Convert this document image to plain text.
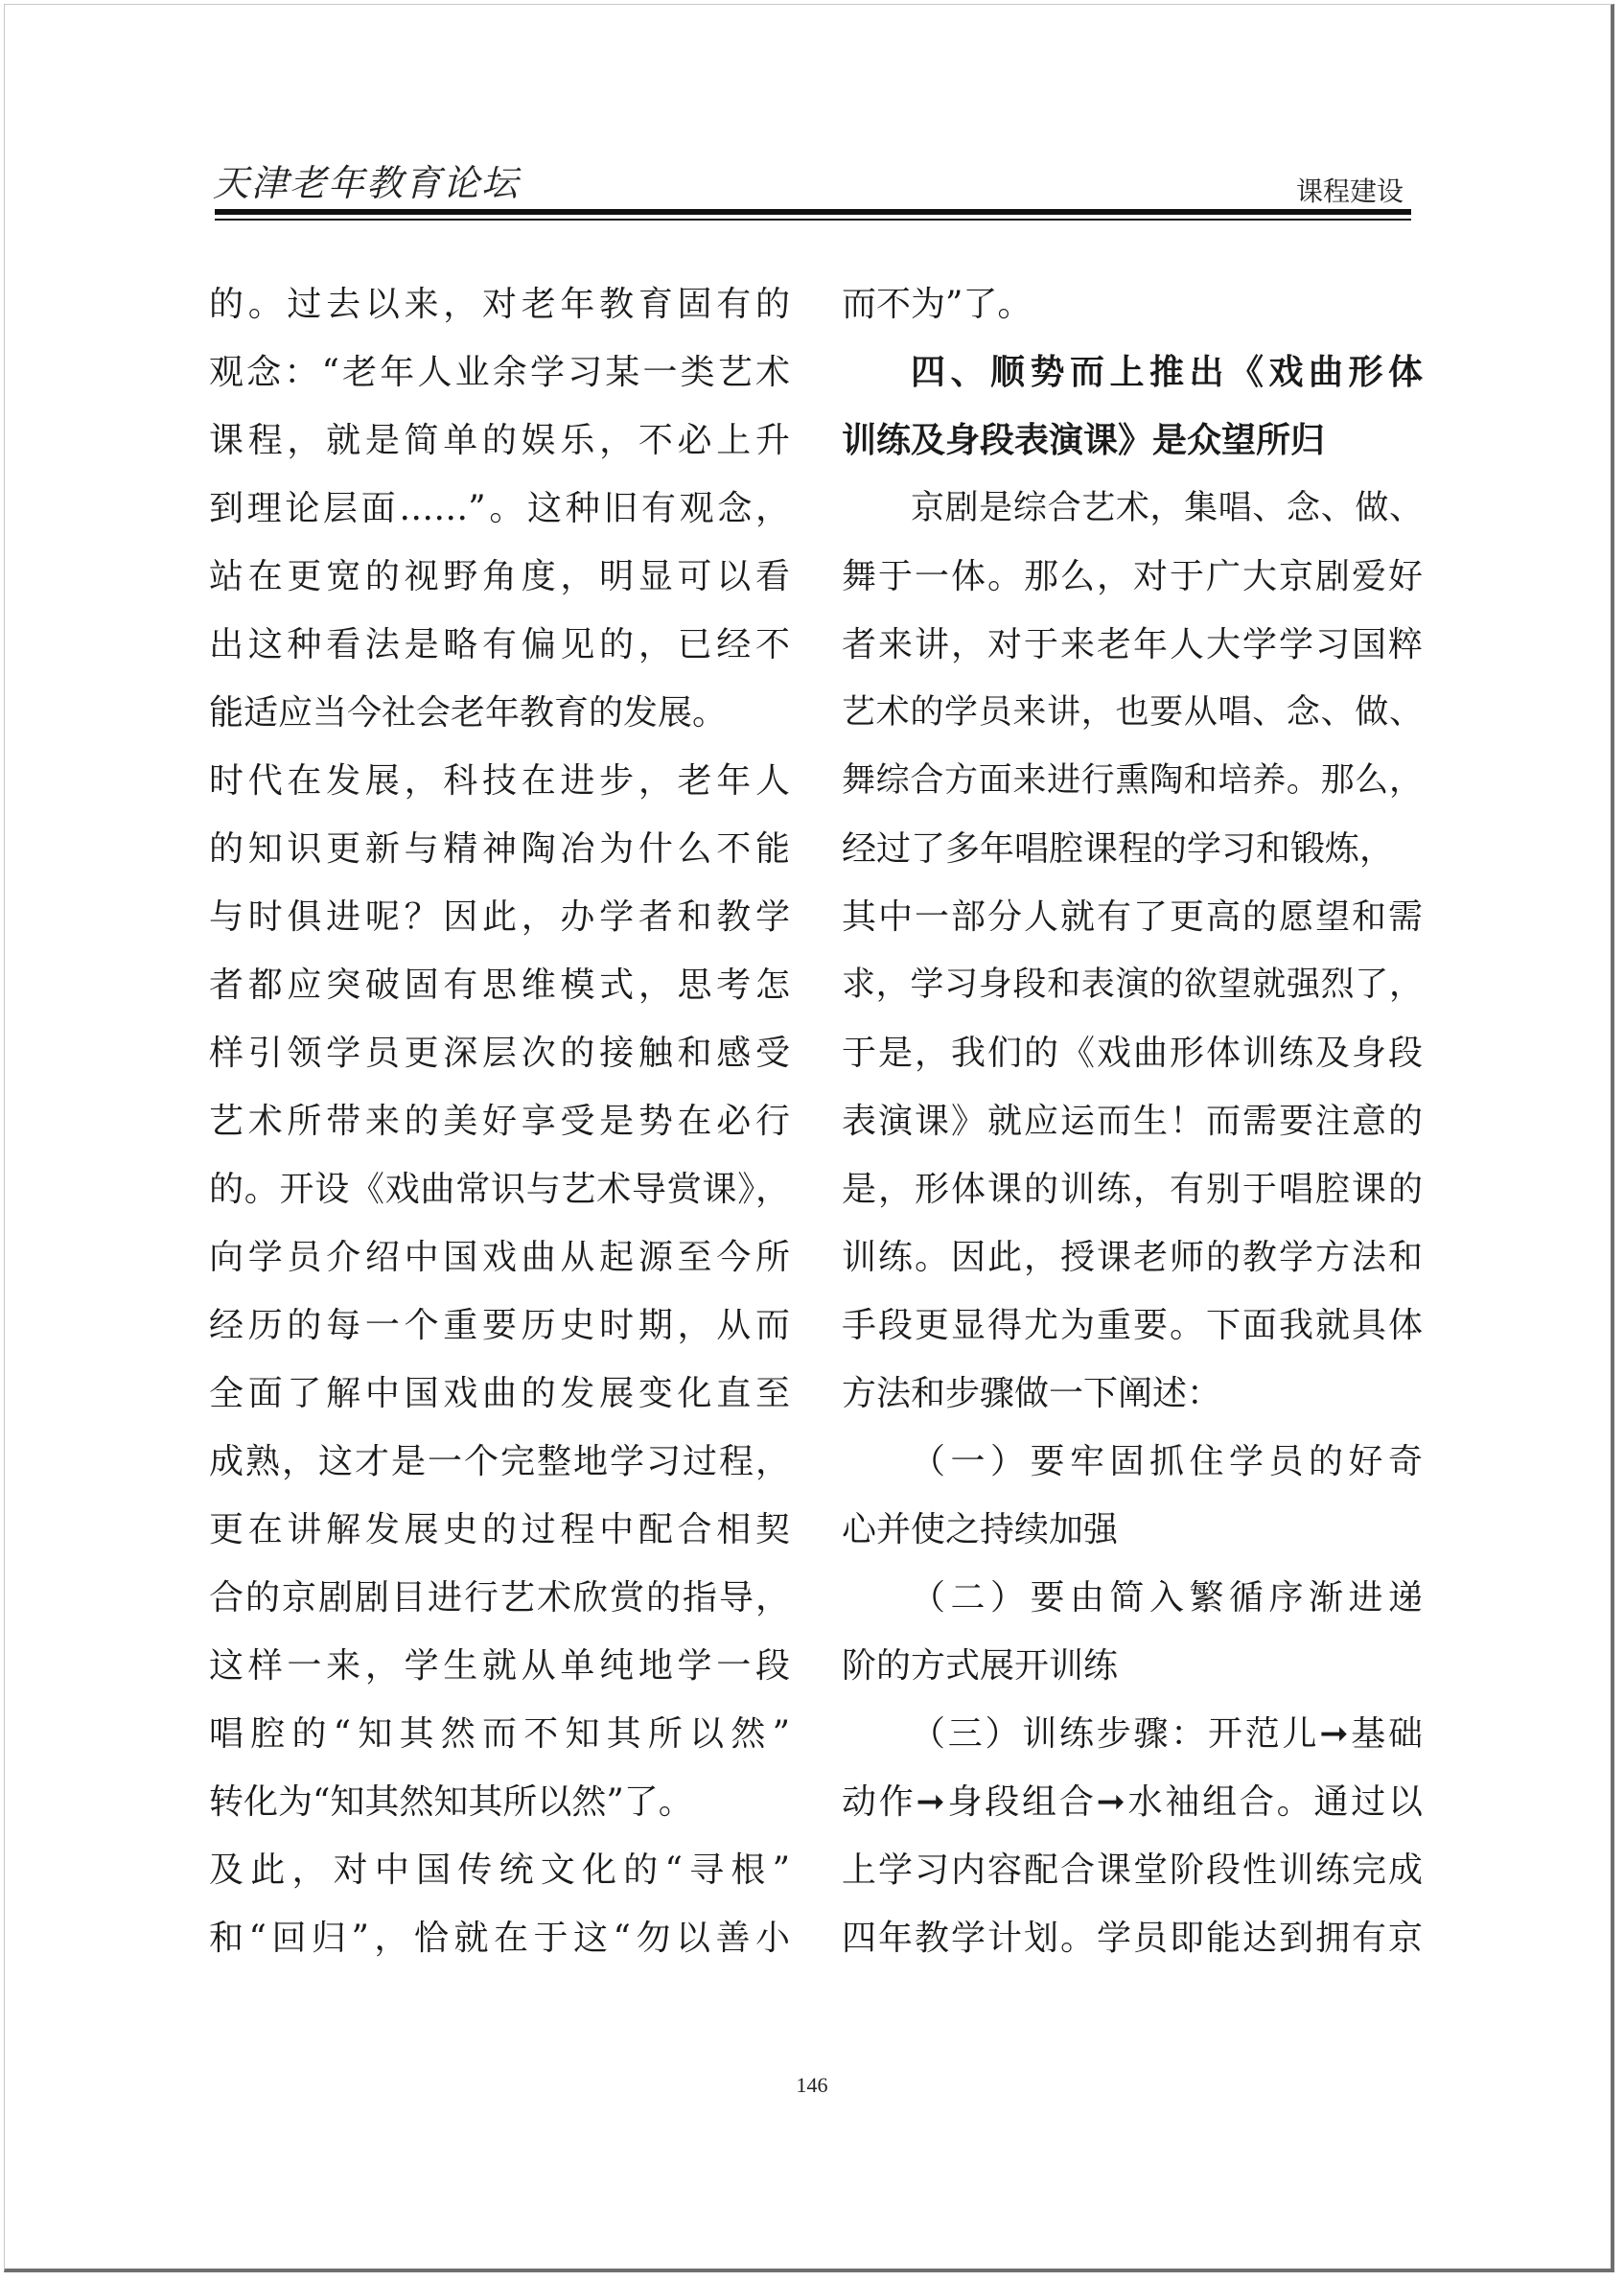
天津老年教育论坛	课程建设
的。过去以来，对老年教育固有的
观念：“老年人业余学习某一类艺术
课程，就是简单的娱乐，不必上升
到理论层面……”。这种旧有观念，
站在更宽的视野角度，明显可以看
出这种看法是略有偏见的，已经不
能适应当今社会老年教育的发展。
时代在发展，科技在进步，老年人
的知识更新与精神陶冶为什么不能
与时俱进呢？因此，办学者和教学
者都应突破固有思维模式，思考怎
样引领学员更深层次的接触和感受
艺术所带来的美好享受是势在必行
的。开设《戏曲常识与艺术导赏课》，
向学员介绍中国戏曲从起源至今所
经历的每一个重要历史时期，从而
全面了解中国戏曲的发展变化直至
成熟，这才是一个完整地学习过程，
更在讲解发展史的过程中配合相契
合的京剧剧目进行艺术欣赏的指导，
这样一来，学生就从单纯地学一段
唱腔的“知其然而不知其所以然”
转化为“知其然知其所以然”了。
及此，对中国传统文化的“寻根”
和“回归”，恰就在于这“勿以善小
而不为”了。
四、顺势而上推出《戏曲形体
训练及身段表演课》是众望所归
京剧是综合艺术，集唱、念、做、
舞于一体。那么，对于广大京剧爱好
者来讲，对于来老年人大学学习国粹
艺术的学员来讲，也要从唱、念、做、
舞综合方面来进行熏陶和培养。那么，
经过了多年唱腔课程的学习和锻炼，
其中一部分人就有了更高的愿望和需
求，学习身段和表演的欲望就强烈了，
于是，我们的《戏曲形体训练及身段
表演课》就应运而生！而需要注意的
是，形体课的训练，有别于唱腔课的
训练。因此，授课老师的教学方法和
手段更显得尤为重要。下面我就具体
方法和步骤做一下阐述：
（一）要牢固抓住学员的好奇
心并使之持续加强
（二）要由简入繁循序渐进递
阶的方式展开训练
（三）训练步骤：开范儿➞基础
动作➞身段组合➞水袖组合。通过以
上学习内容配合课堂阶段性训练完成
四年教学计划。学员即能达到拥有京
146
